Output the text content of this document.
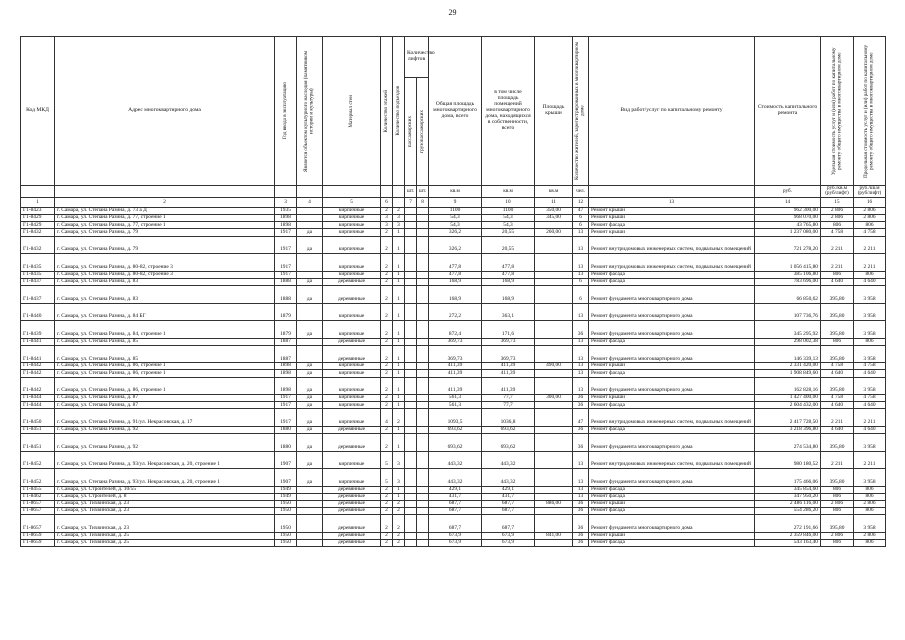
29
Код МКД	Адрес многоквартирного дома	Год ввода в эксплуатацию	Является объектом культурного наследия (памятником истории и культуры)	Материал стен	Количество этажей	Количество подъездов	Количество лифтов		Общая площадь многоквартирного дома, всего	в том числе площадь помещений многоквартирного дома, находящихся в собственности, всего	Площадь крыши	Количество жителей, зарегистрированных в многоквартирном доме	Вид работ/услуг по капитальному ремонту	Стоимость капитального ремонта	Удельная стоимость услуг и (или) работ по капитальному ремонту общего имущества в многоквартирном доме	Предельная стоимость услуг и (или) работ по капитальному ремонту общего имущества в многоквартирном доме

							пассажирских	грузопассажирских								

							шт.	шт.	кв.м	кв.м	кв.м	чел.		руб.	руб./кв.м (руб/лифт)	руб./кв.м (руб/лифт)
1	2	3	4	5	6		7	8	9	10	11	12	13	14	15	16
Г1-8423	г. Самара, ул. Степана Разина, д. 73 а Д	1935		кирпичные	2	2			1100	1100	350,00	47	Ремонт крыши	962 300,00	2 806	2 806
Г1-8429	г. Самара, ул. Степана Разина, д. 77, строение 1	1898		кирпичные	3	3			54,3	54,3	345,00	6	Ремонт крыши	968 070,00	2 806	2 806
Г1-8429	г. Самара, ул. Степана Разина, д. 77, строение 1	1898		кирпичные	3	3			54,3	54,3		6	Ремонт фасада	43 765,80	806	806
Г1-8432	г. Самара, ул. Степана Разина, д. 79	1917	да	кирпичные	2	1			326,2	20,55	260,00	13	Ремонт крыши	1 237 080,00	4 758	4 758
Г1-8432	г. Самара, ул. Степана Разина, д. 79	1917	да	кирпичные	2	1			326,2	20,55		13	Ремонт внутридомовых инженерных систем, подвальных помещений	721 278,20	2 211	2 211
Г1-8435	г. Самара, ул. Степана Разина, д. 80-82, строение 3	1917		кирпичные	2	1			477,8	477,8		13	Ремонт внутридомовых инженерных систем, подвальных помещений	1 056 415,80	2 211	2 211
Г1-8435	г. Самара, ул. Степана Разина, д. 80-82, строение 3	1917		кирпичные	2	1			477,8	477,8		13	Ремонт фасада	385 106,80	806	806
Г1-8437	г. Самара, ул. Степана Разина, д. 83	1888	да	деревянные	2	1			168,9	168,9		6	Ремонт фасада	783 696,00	4 640	4 640
Г1-8437	г. Самара, ул. Степана Разина, д. 83	1888	да	деревянные	2	1			168,9	168,9		6	Ремонт фундамента многоквартирного дома	66 850,62	395,80	3 958
Г1-8440	г. Самара, ул. Степана Разина, д. 84 БГ	1879		кирпичные	2	1			272,2	363,1		13	Ремонт фундамента многоквартирного дома	107 736,76	395,80	3 958
Г1-8439	г. Самара, ул. Степана Разина, д. 84, строение 1	1879	да	кирпичные	2	1			872,4	171,6		36	Ремонт фундамента многоквартирного дома	345 295,92	395,80	3 958
Г1-8441	г. Самара, ул. Степана Разина, д. 85	1887		деревянные	2	1			369,73	369,73		13	Ремонт фасада	298 002,38	806	806
Г1-8441	г. Самара, ул. Степана Разина, д. 85	1887		деревянные	2	1			369,73	369,73		13	Ремонт фундамента многоквартирного дома	146 339,13	395,80	3 958
Г1-8442	г. Самара, ул. Степана Разина, д. 86, строение 1	1898	да	кирпичные	2	1			411,39	411,39	490,00	13	Ремонт крыши	2 331 420,00	4 758	4 758
Г1-8442	г. Самара, ул. Степана Разина, д. 86, строение 1	1898	да	кирпичные	2	1			411,39	411,39		13	Ремонт фасада	1 908 849,60	4 640	4 640
Г1-8442	г. Самара, ул. Степана Разина, д. 86, строение 1	1898	да	кирпичные	2	1			411,39	411,39		13	Ремонт фундамента многоквартирного дома	162 828,16	395,80	3 958
Г1-8444	г. Самара, ул. Степана Разина, д. 87	1917	да	кирпичные	2	1			561,3	77,7	300,00	36	Ремонт крыши	1 427 400,00	4 758	4 758
Г1-8444	г. Самара, ул. Степана Разина, д. 87	1917	да	кирпичные	2	1			561,3	77,7		36	Ремонт фасада	2 604 432,00	4 640	4 640
Г1-8450	г. Самара, ул. Степана Разина, д. 91/ул. Некрасовская, д. 17	1917	да	кирпичные	4	2			1093,5	1036,8		47	Ремонт внутридомовых инженерных систем, подвальных помещений	2 417 728,50	2 211	2 211
Г1-8451	г. Самара, ул. Степана Разина, д. 92	1880	да	деревянные	2	1			693,62	693,62		36	Ремонт фасада	3 218 396,80	4 640	4 640
Г1-8451	г. Самара, ул. Степана Разина, д. 92	1880	да	деревянные	2	1			693,62	693,62		36	Ремонт фундамента многоквартирного дома	274 534,80	395,80	3 958
Г1-8452	г. Самара, ул. Степана Разина, д. 93/ул. Некрасовская, д. 20, строение 1	1907	да	кирпичные	5	3			443,32	443,32		13	Ремонт внутридомовых инженерных систем, подвальных помещений	980 180,52	2 211	2 211
Г1-8452	г. Самара, ул. Степана Разина, д. 93/ул. Некрасовская, д. 20, строение 1	1907	да	кирпичные	5	3			443,32	443,32		13	Ремонт фундамента многоквартирного дома	175 466,06	395,80	3 958
Г1-8455	г. Самара, ул. Строителей, д. 10/55	1949		деревянные	2	1			429,1	429,1		13	Ремонт фасада	345 854,60	806	806
Г1-8462	г. Самара, ул. Строителей, д. 8	1949		деревянные	2	1			431,7	431,7		13	Ремонт фасада	347 950,20	806	806
Г1-8657	г. Самара, ул. Тихвинская, д. 23	1950		деревянные	2	2			687,7	687,7	886,00	36	Ремонт крыши	2 486 116,00	2 806	2 806
Г1-8657	г. Самара, ул. Тихвинская, д. 23	1950		деревянные	2	2			687,7	687,7		36	Ремонт фасада	554 286,20	806	806
Г1-8657	г. Самара, ул. Тихвинская, д. 23	1950		деревянные	2	2			687,7	687,7		36	Ремонт фундамента многоквартирного дома	272 191,66	395,80	3 958
Г1-8659	г. Самара, ул. Тихвинская, д. 25	1950		деревянные	2	2			673,9	673,9	841,00	36	Ремонт крыши	2 359 846,00	2 806	2 806
Г1-8659	г. Самара, ул. Тихвинская, д. 25	1950		деревянные	2	2			673,9	673,9		36	Ремонт фасада	543 163,40	806	806
